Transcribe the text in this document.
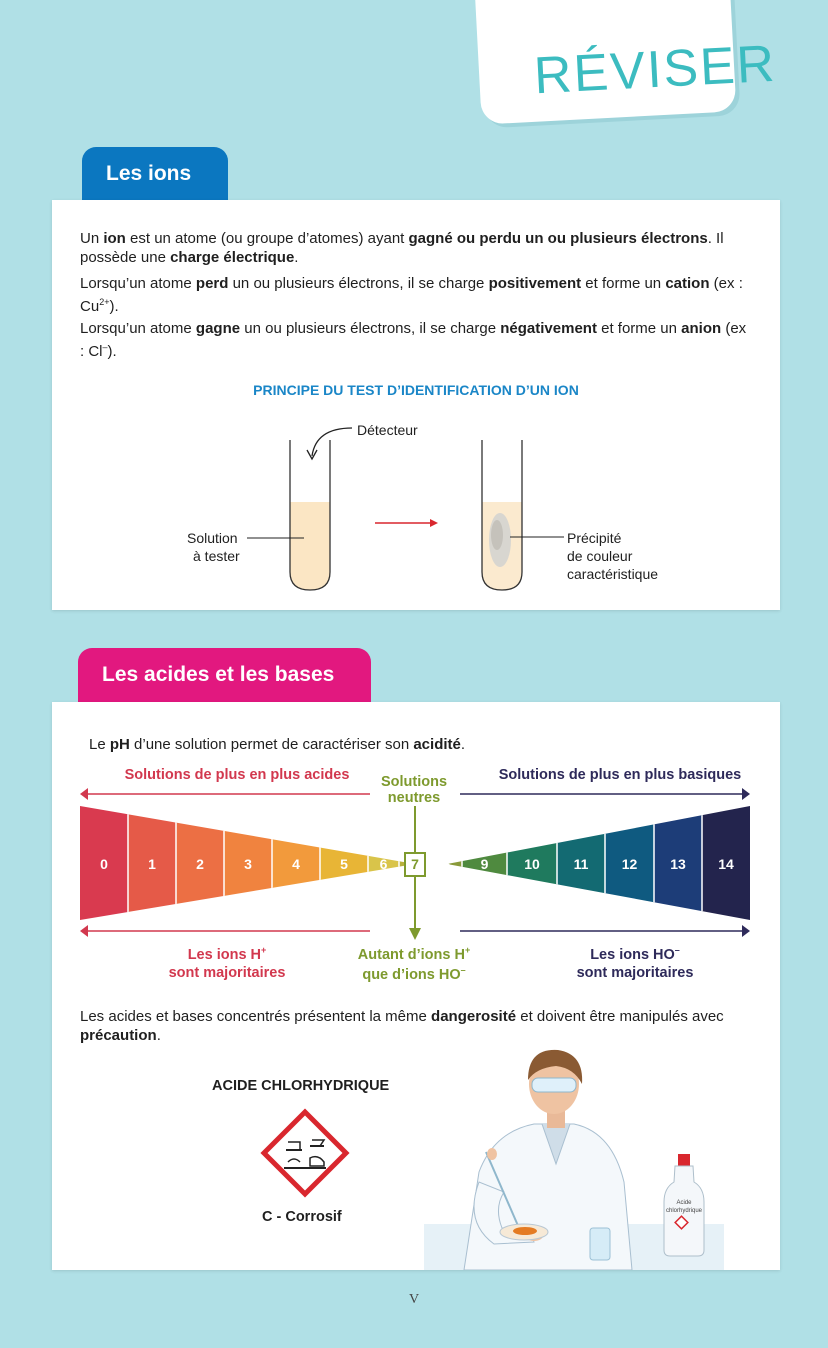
RÉVISER
Les ions
Un ion est un atome (ou groupe d’atomes) ayant gagné ou perdu un ou plusieurs électrons. Il possède une charge électrique.
Lorsqu’un atome perd un ou plusieurs électrons, il se charge positivement et forme un cation (ex : $Cu^{2+}$).
Lorsqu’un atome gagne un ou plusieurs électrons, il se charge négativement et forme un anion (ex : Cl–).
PRINCIPE DU TEST D’IDENTIFICATION D’UN ION
Détecteur
Solution
à tester
Précipité
de couleur
caractéristique
Les acides et les bases
Le pH d’une solution permet de caractériser son acidité.
Solutions de plus en plus acides	Solutions
neutres
Solutions de plus en plus basiques
0	1	2	3	4	5 6 7 8 9	10 11 12 13 14
Les ions H+
sont majoritaires
Autant d’ions H+
que d’ions HO–
Les ions HO–
sont majoritaires
Les acides et bases concentrés présentent la même dangerosité et doivent être manipulés avec précaution.
ACIDE CHLORHYDRIQUE
C - Corrosif
Acide
chlorhydrique
V
